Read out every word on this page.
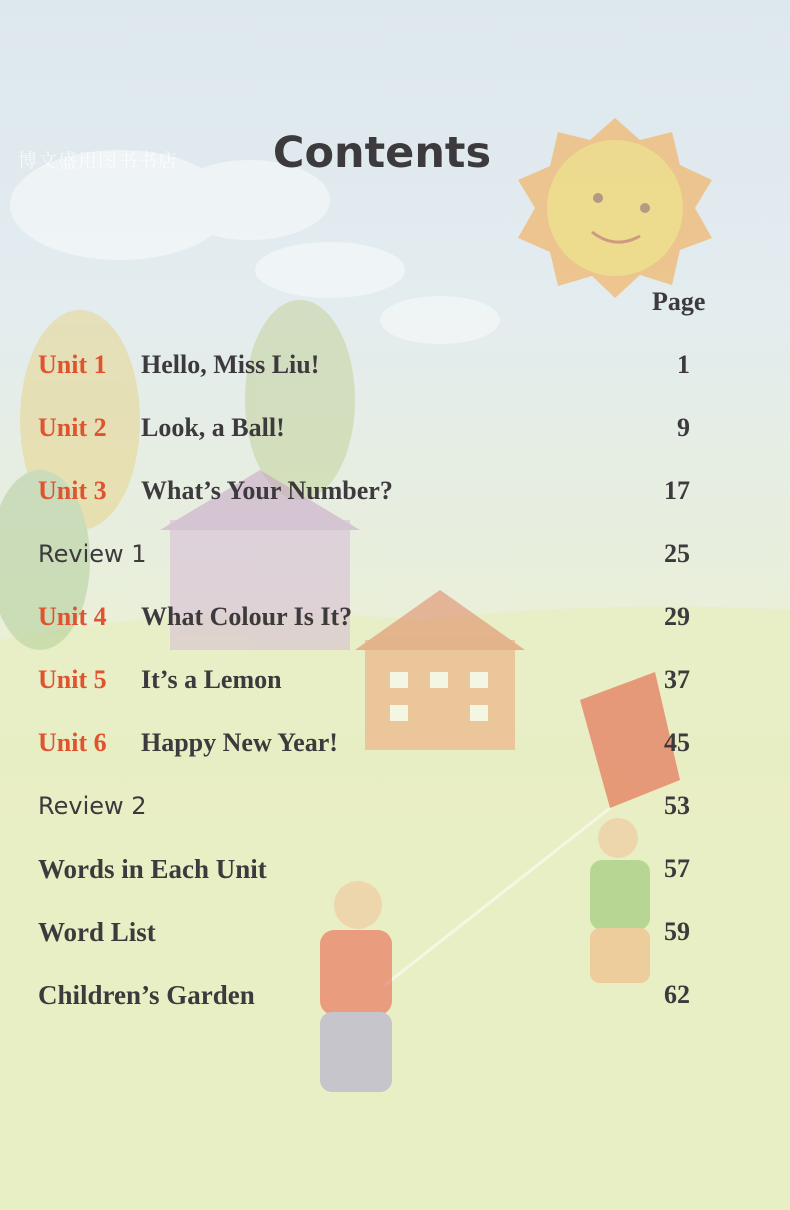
博文盛用图书书店	Contents
Page
Unit 1 Hello, Miss Liu!	1
Unit 2 Look, a Ball!	9
Unit 3 What’s Your Number?	17
Review 1	25
Unit 4 What Colour Is It?	29
Unit 5 It’s a Lemon	37
Unit 6 Happy New Year!	45
Review 2	53
Words in Each Unit	57
Word List	59
Children’s Garden	62
